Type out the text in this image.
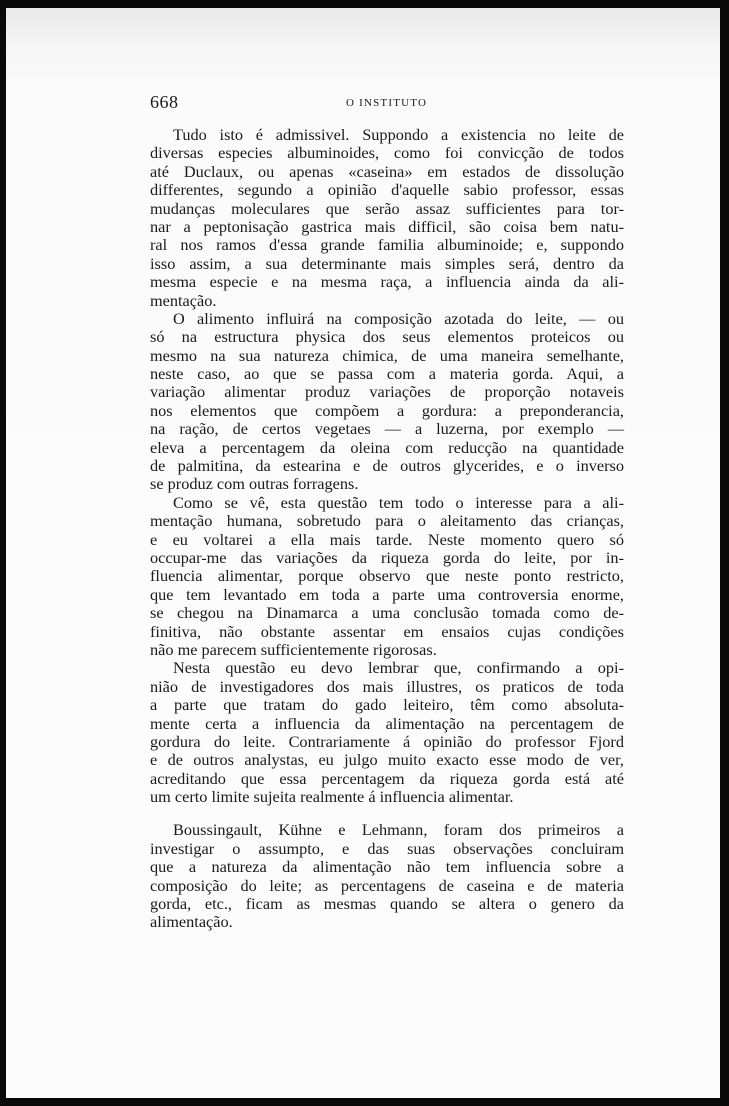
668	O INSTITUTO
Tudo isto é admissivel. Suppondo a existencia no leite de
diversas especies albuminoides, como foi convicção de todos
até Duclaux, ou apenas «caseina» em estados de dissolução
differentes, segundo a opinião d'aquelle sabio professor, essas
mudanças moleculares que serão assaz sufficientes para tor-
nar a peptonisação gastrica mais difficil, são coisa bem natu-
ral nos ramos d'essa grande familia albuminoide; e, suppondo
isso assim, a sua determinante mais simples será, dentro da
mesma especie e na mesma raça, a influencia ainda da ali-
mentação.
O alimento influirá na composição azotada do leite, — ou
só na estructura physica dos seus elementos proteicos ou
mesmo na sua natureza chimica, de uma maneira semelhante,
neste caso, ao que se passa com a materia gorda. Aqui, a
variação alimentar produz variações de proporção notaveis
nos elementos que compõem a gordura: a preponderancia,
na ração, de certos vegetaes — a luzerna, por exemplo —
eleva a percentagem da oleina com reducção na quantidade
de palmitina, da estearina e de outros glycerides, e o inverso
se produz com outras forragens.
Como se vê, esta questão tem todo o interesse para a ali-
mentação humana, sobretudo para o aleitamento das crianças,
e eu voltarei a ella mais tarde. Neste momento quero só
occupar-me das variações da riqueza gorda do leite, por in-
fluencia alimentar, porque observo que neste ponto restricto,
que tem levantado em toda a parte uma controversia enorme,
se chegou na Dinamarca a uma conclusão tomada como de-
finitiva, não obstante assentar em ensaios cujas condições
não me parecem sufficientemente rigorosas.
Nesta questão eu devo lembrar que, confirmando a opi-
nião de investigadores dos mais illustres, os praticos de toda
a parte que tratam do gado leiteiro, têm como absoluta-
mente certa a influencia da alimentação na percentagem de
gordura do leite. Contrariamente á opinião do professor Fjord
e de outros analystas, eu julgo muito exacto esse modo de ver,
acreditando que essa percentagem da riqueza gorda está até
um certo limite sujeita realmente á influencia alimentar.
Boussingault, Kühne e Lehmann, foram dos primeiros a
investigar o assumpto, e das suas observações concluiram
que a natureza da alimentação não tem influencia sobre a
composição do leite; as percentagens de caseina e de materia
gorda, etc., ficam as mesmas quando se altera o genero da
alimentação.
